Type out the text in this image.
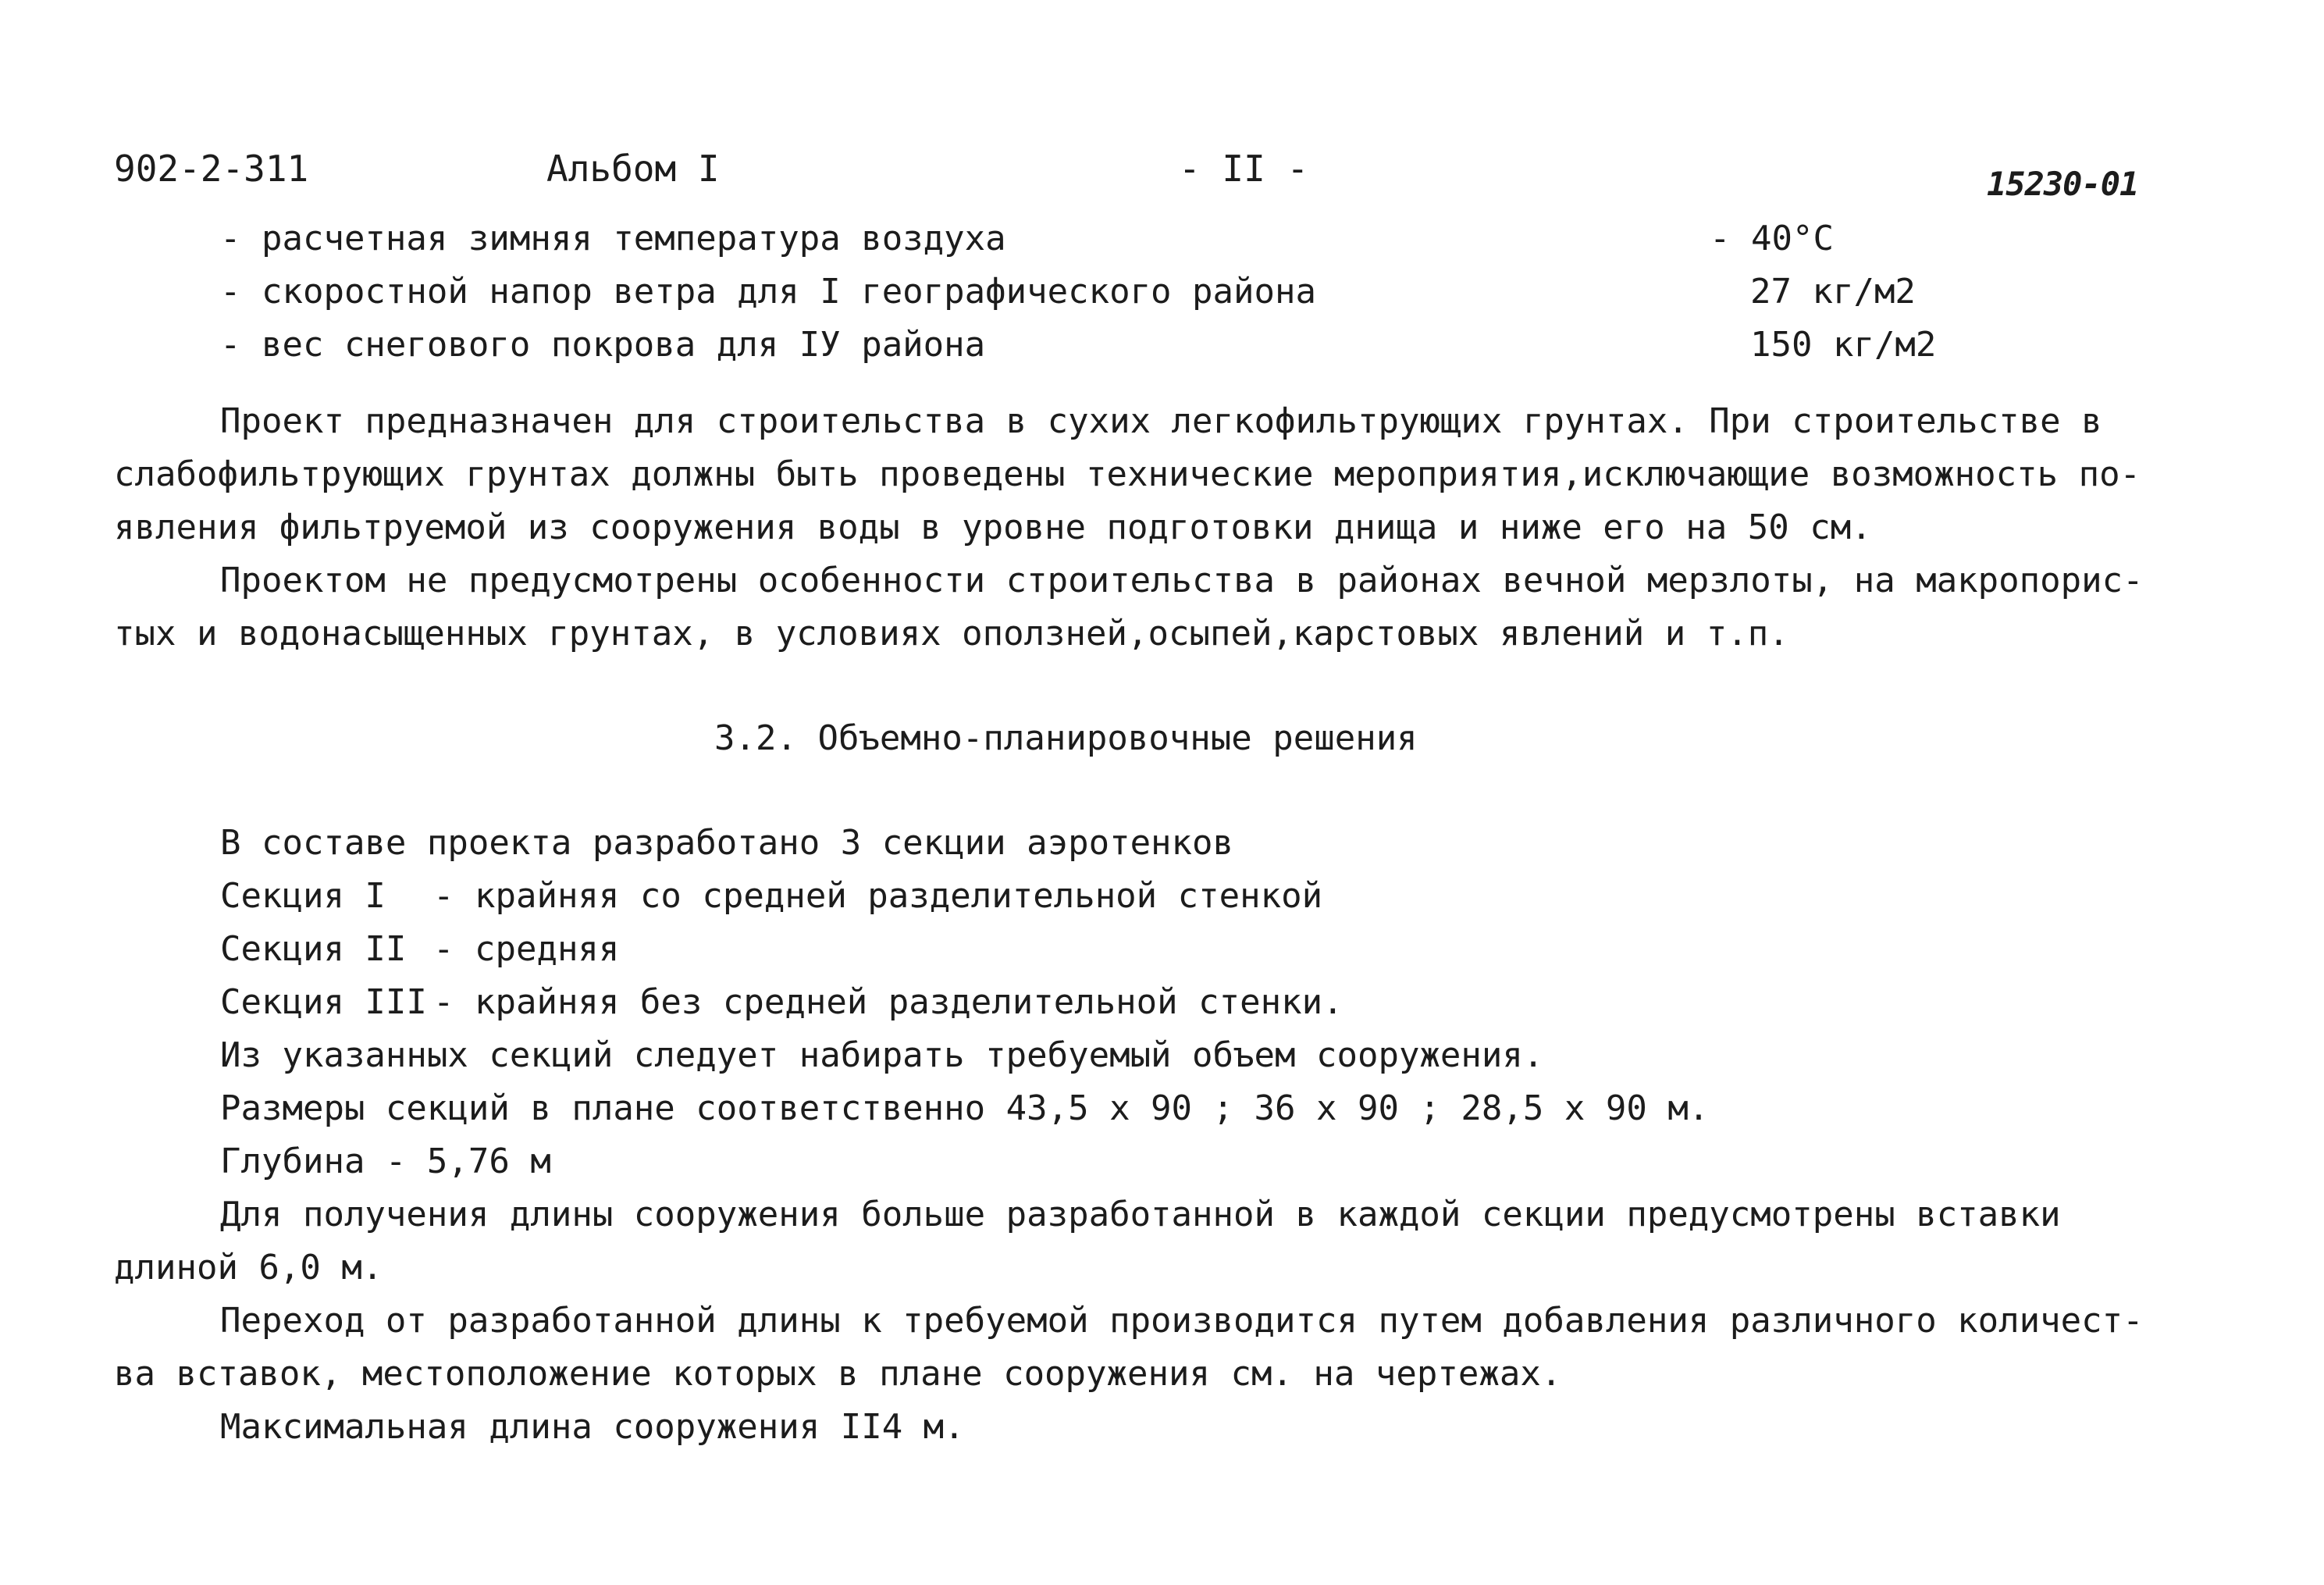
902-2-311	Альбом I	- II -	15230-01
- расчетная зимняя температура воздуха	- 40°С
- скоростной напор ветра для I географического района	27 кг/м2
- вес снегового покрова для IУ района	150 кг/м2
Проект предназначен для строительства в сухих легкофильтрующих грунтах. При строительстве в
слабофильтрующих грунтах должны быть проведены технические мероприятия,исключающие возможность по-
явления фильтруемой из сооружения воды в уровне подготовки днища и ниже его на 50 см.
Проектом не предусмотрены особенности строительства в районах вечной мерзлоты, на макропорис-
тых и водонасыщенных грунтах, в условиях оползней,осыпей,карстовых явлений и т.п.
3.2. Объемно-планировочные решения
В составе проекта разработано 3 секции аэротенков
Секция I - крайняя со средней разделительной стенкой
Секция II - средняя
Секция III - крайняя без средней разделительной стенки.
Из указанных секций следует набирать требуемый объем сооружения.
Размеры секций в плане соответственно 43,5 х 90 ; 36 х 90 ; 28,5 х 90 м.
Глубина - 5,76 м
Для получения длины сооружения больше разработанной в каждой секции предусмотрены вставки
длиной 6,0 м.
Переход от разработанной длины к требуемой производится путем добавления различного количест-
ва вставок, местоположение которых в плане сооружения см. на чертежах.
Максимальная длина сооружения II4 м.
